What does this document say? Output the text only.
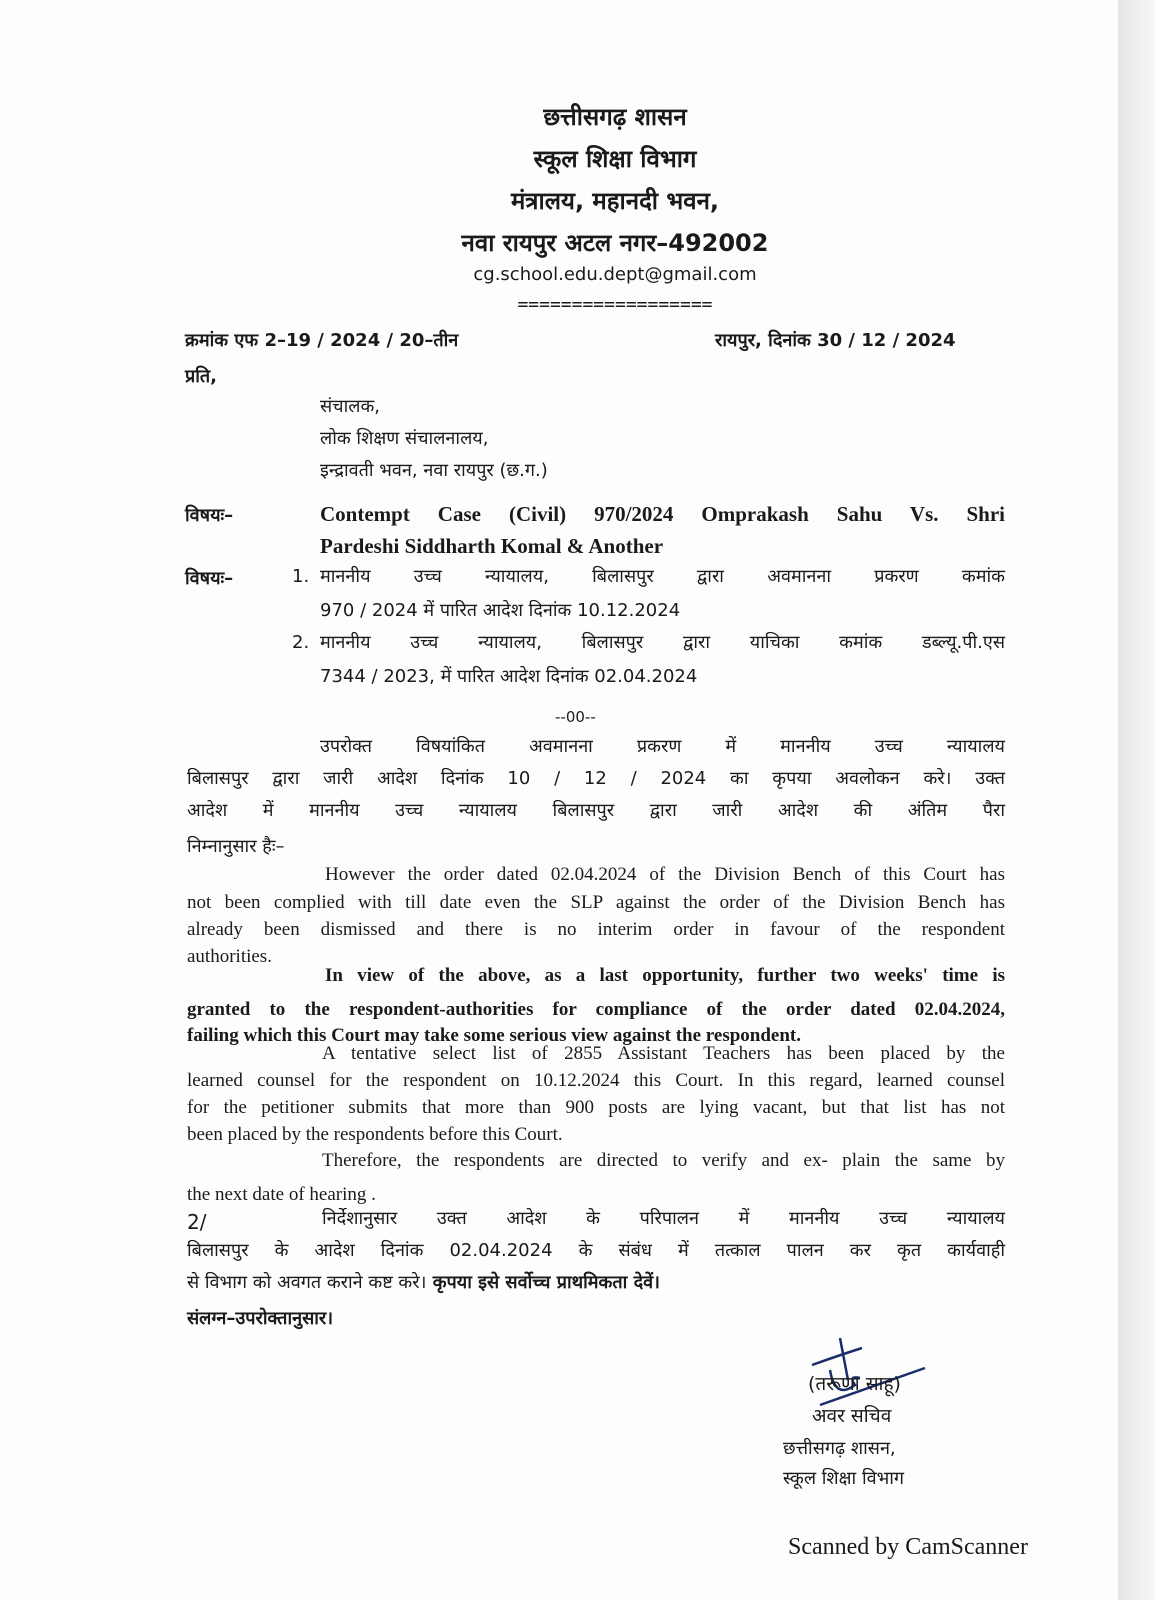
छत्तीसगढ़ शासन
स्कूल शिक्षा विभाग
मंत्रालय, महानदी भवन,
नवा रायपुर अटल नगर–492002
cg.school.edu.dept@gmail.com
==================
क्रमांक एफ 2–19 / 2024 / 20–तीन	रायपुर, दिनांक 30 / 12 / 2024
प्रति,
संचालक,
लोक शिक्षण संचालनालय,
इन्द्रावती भवन, नवा रायपुर (छ.ग.)
विषयः–	Contempt Case (Civil) 970/2024 Omprakash Sahu Vs. Shri
Pardeshi Siddharth Komal & Another
विषयः–	1. माननीय उच्च न्यायालय, बिलासपुर द्वारा अवमानना प्रकरण कमांक
970 / 2024 में पारित आदेश दिनांक 10.12.2024
2. माननीय उच्च न्यायालय, बिलासपुर द्वारा याचिका कमांक डब्ल्यू.पी.एस
7344 / 2023, में पारित आदेश दिनांक 02.04.2024
--00--
उपरोक्त विषयांकित अवमानना प्रकरण में माननीय उच्च न्यायालय
बिलासपुर द्वारा जारी आदेश दिनांक 10 / 12 / 2024 का कृपया अवलोकन करे। उक्त
आदेश में माननीय उच्च न्यायालय बिलासपुर द्वारा जारी आदेश की अंतिम पैरा
निम्नानुसार हैः–
However the order dated 02.04.2024 of the Division Bench of this Court has
not been complied with till date even the SLP against the order of the Division Bench has
already been dismissed and there is no interim order in favour of the respondent
authorities.
In view of the above, as a last opportunity, further two weeks' time is
granted to the respondent-authorities for compliance of the order dated 02.04.2024,
failing which this Court may take some serious view against the respondent.
A tentative select list of 2855 Assistant Teachers has been placed by the
learned counsel for the respondent on 10.12.2024 this Court. In this regard, learned counsel
for the petitioner submits that more than 900 posts are lying vacant, but that list has not
been placed by the respondents before this Court.
Therefore, the respondents are directed to verify and ex- plain the same by
the next date of hearing .
2/	निर्देशानुसार उक्त आदेश के परिपालन में माननीय उच्च न्यायालय
बिलासपुर के आदेश दिनांक 02.04.2024 के संबंध में तत्काल पालन कर कृत कार्यवाही
से विभाग को अवगत कराने कष्ट करे। कृपया इसे सर्वोच्च प्राथमिकता देवें।
संलग्न–उपरोक्तानुसार।
(तरूणा साहू)
अवर सचिव
छत्तीसगढ़ शासन,
स्कूल शिक्षा विभाग
Scanned by CamScanner
